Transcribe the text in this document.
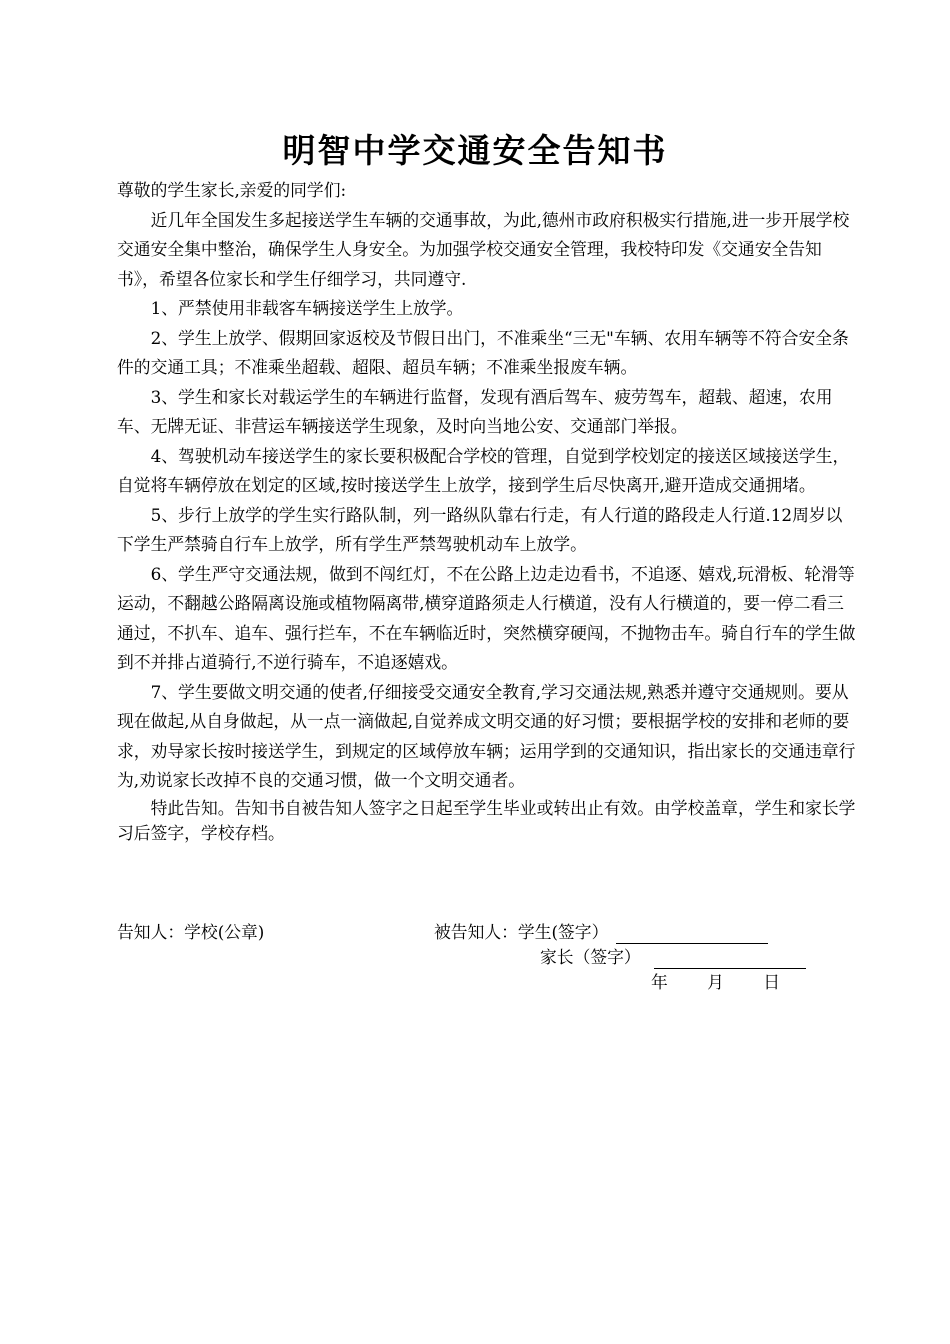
明智中学交通安全告知书

尊敬的学生家长,亲爱的同学们:

近几年全国发生多起接送学生车辆的交通事故，为此,德州市政府积极实行措施,进一步开展学校交通安全集中整治，确保学生人身安全。为加强学校交通安全管理，我校特印发《交通安全告知书》，希望各位家长和学生仔细学习，共同遵守.

1、严禁使用非载客车辆接送学生上放学。

2、学生上放学、假期回家返校及节假日出门，不准乘坐“三无"车辆、农用车辆等不符合安全条件的交通工具；不准乘坐超载、超限、超员车辆；不准乘坐报废车辆。

3、学生和家长对载运学生的车辆进行监督，发现有酒后驾车、疲劳驾车，超载、超速，农用车、无牌无证、非营运车辆接送学生现象，及时向当地公安、交通部门举报。

4、驾驶机动车接送学生的家长要积极配合学校的管理，自觉到学校划定的接送区域接送学生，自觉将车辆停放在划定的区域,按时接送学生上放学，接到学生后尽快离开,避开造成交通拥堵。

5、步行上放学的学生实行路队制，列一路纵队靠右行走，有人行道的路段走人行道.12周岁以下学生严禁骑自行车上放学，所有学生严禁驾驶机动车上放学。

6、学生严守交通法规，做到不闯红灯，不在公路上边走边看书，不追逐、嬉戏,玩滑板、轮滑等运动，不翻越公路隔离设施或植物隔离带,横穿道路须走人行横道，没有人行横道的，要一停二看三通过，不扒车、追车、强行拦车，不在车辆临近时，突然横穿硬闯，不抛物击车。骑自行车的学生做到不并排占道骑行,不逆行骑车，不追逐嬉戏。

7、学生要做文明交通的使者,仔细接受交通安全教育,学习交通法规,熟悉并遵守交通规则。要从现在做起,从自身做起，从一点一滴做起,自觉养成文明交通的好习惯；要根据学校的安排和老师的要求，劝导家长按时接送学生，到规定的区域停放车辆；运用学到的交通知识，指出家长的交通违章行为,劝说家长改掉不良的交通习惯，做一个文明交通者。

特此告知。告知书自被告知人签字之日起至学生毕业或转出止有效。由学校盖章，学生和家长学习后签字，学校存档。

告知人：学校(公章)	被告知人：学生(签字）
家长（签字）
年 月 日
